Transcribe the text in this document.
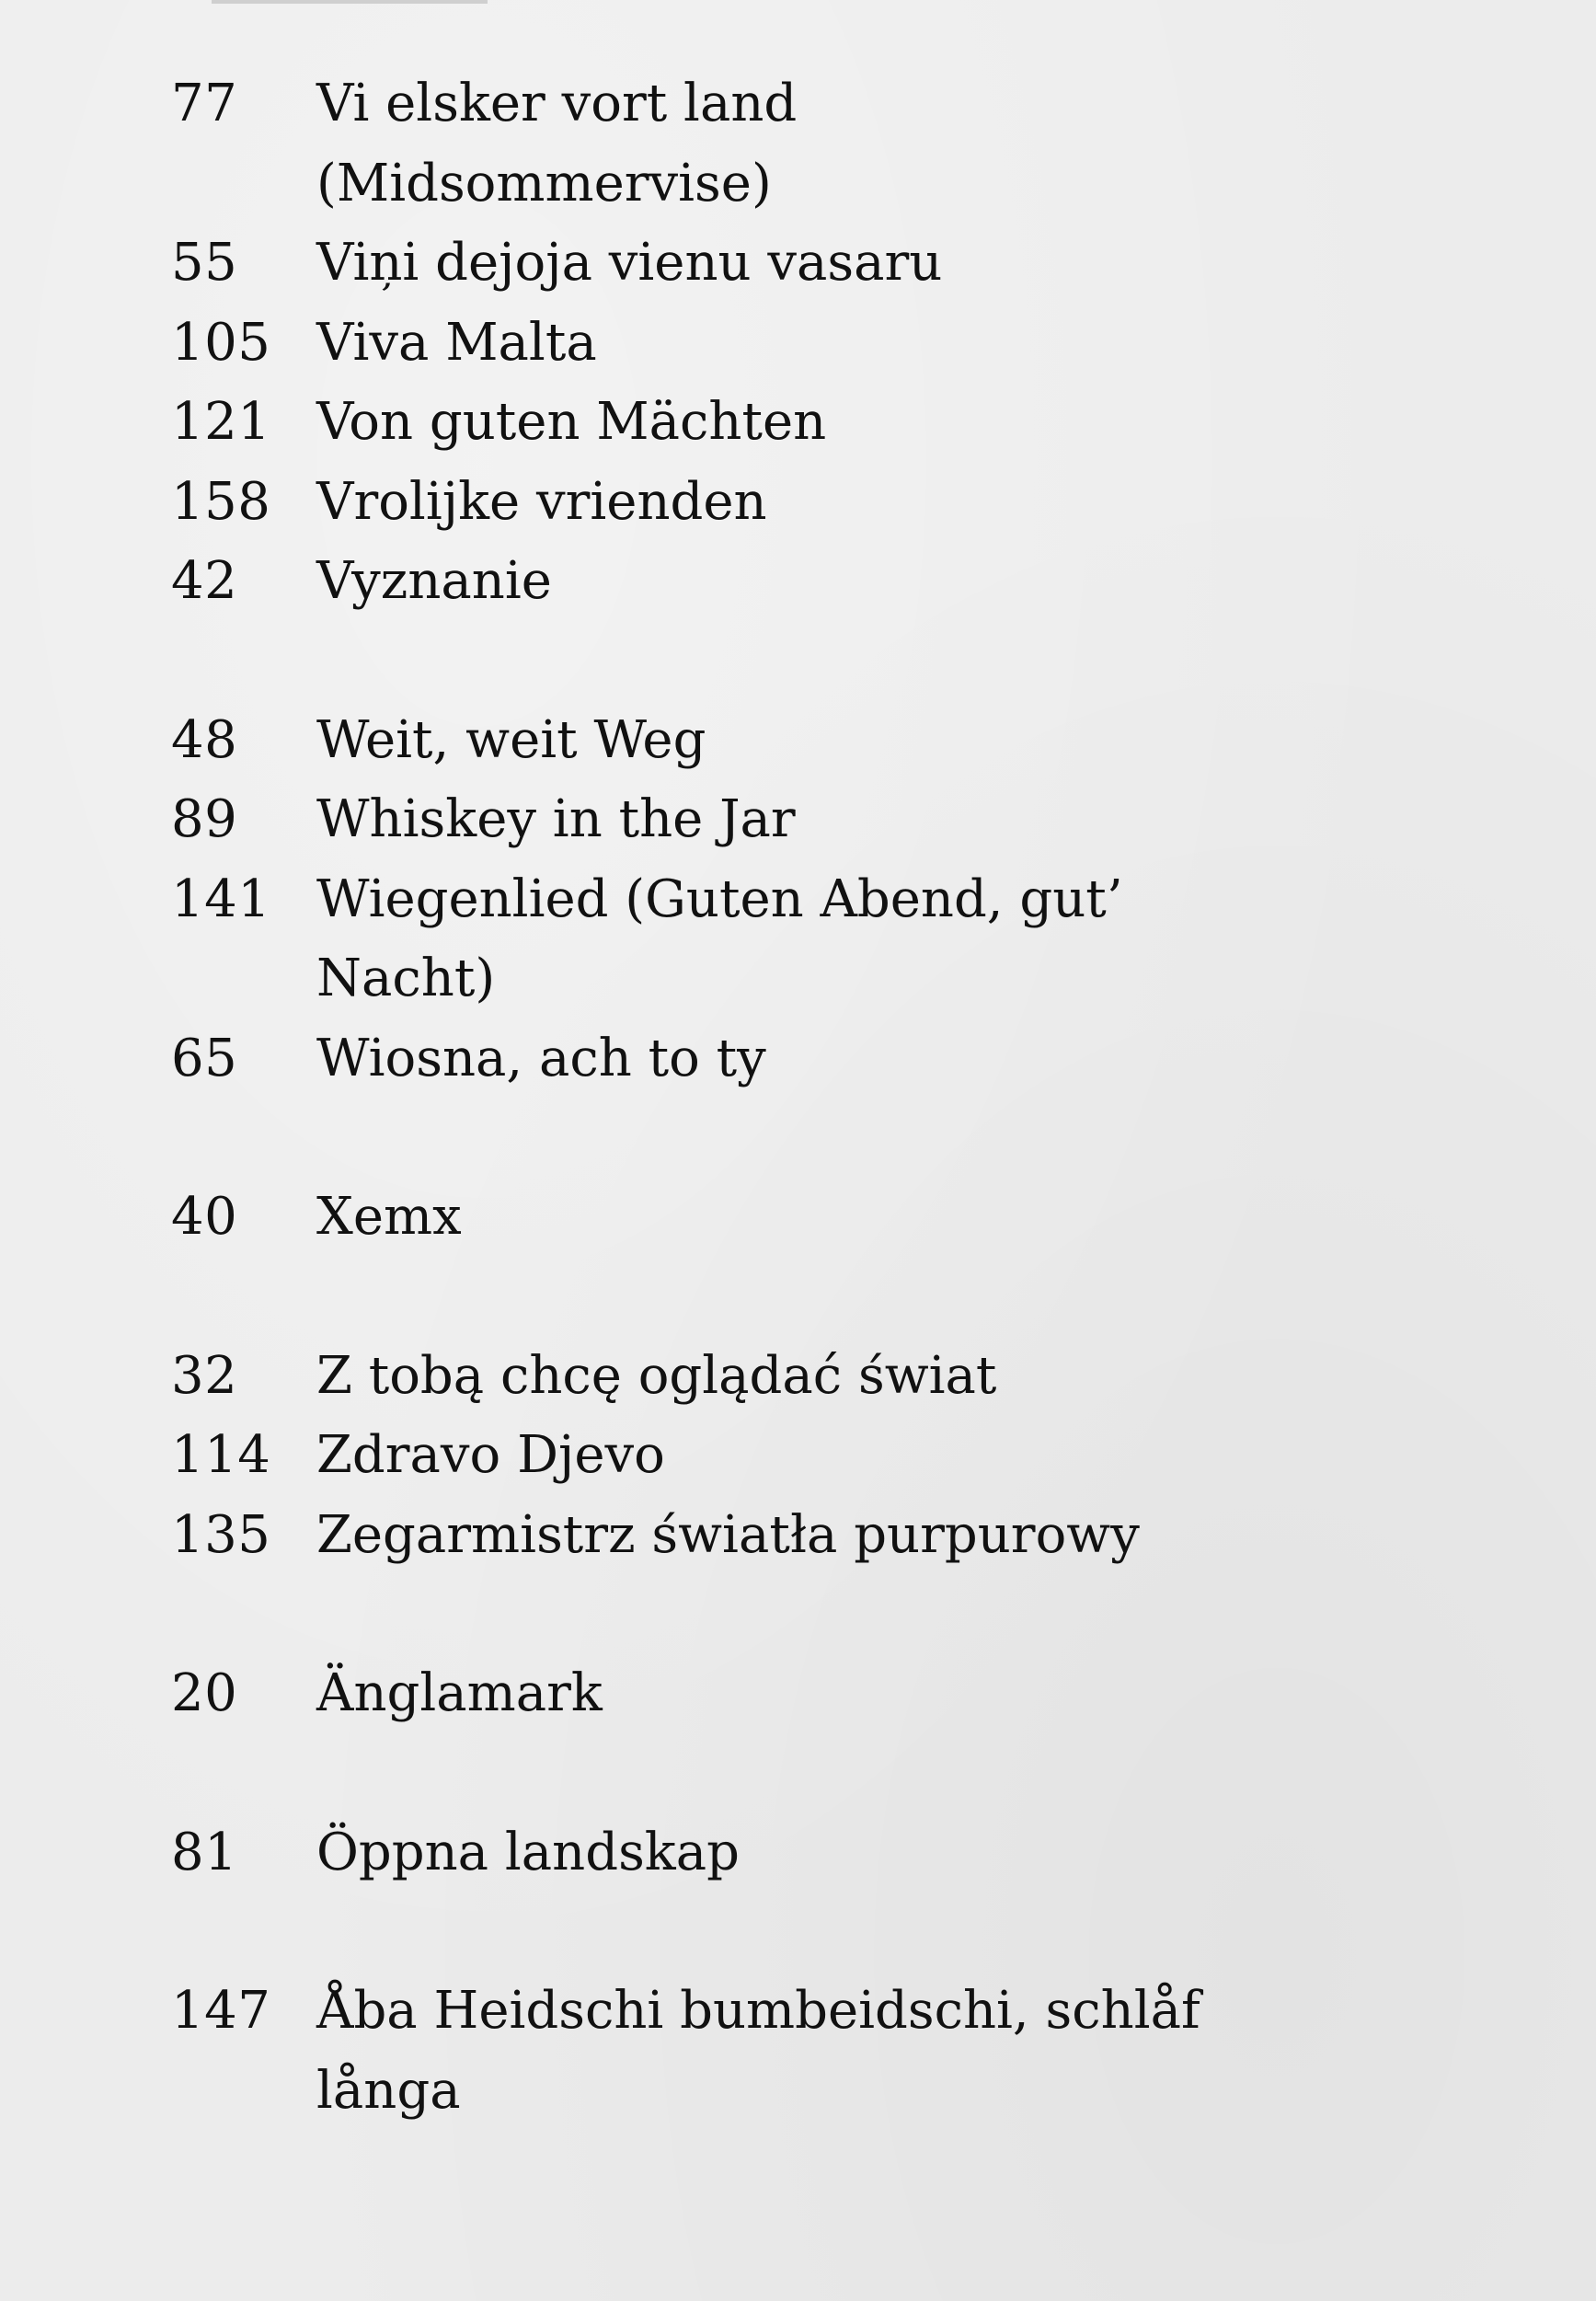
77	Vi elsker vort land (Midsommervise)
55	Viņi dejoja vienu vasaru
105 Viva Malta
121 Von guten Mächten
158 Vrolijke vrienden
42	Vyznanie
48	Weit, weit Weg
89	Whiskey in the Jar
141 Wiegenlied (Guten Abend, gut’ Nacht)
65	Wiosna, ach to ty
40	Xemx
32	Z tobą chcę oglądać świat
114 Zdravo Djevo
135 Zegarmistrz światła purpurowy
20	Änglamark
81	Öppna landskap
147 Åba Heidschi bumbeidschi, schlåf långa
